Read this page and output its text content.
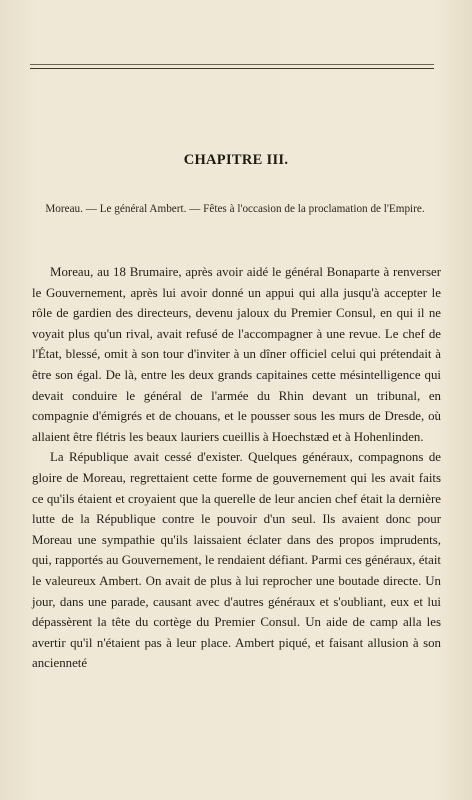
CHAPITRE III.

Moreau. — Le général Ambert. — Fêtes à l'occasion de la proclamation de l'Empire.

Moreau, au 18 Brumaire, après avoir aidé le général Bonaparte à renverser le Gouvernement, après lui avoir donné un appui qui alla jusqu'à accepter le rôle de gardien des directeurs, devenu jaloux du Premier Consul, en qui il ne voyait plus qu'un rival, avait refusé de l'accompagner à une revue. Le chef de l'État, blessé, omit à son tour d'inviter à un dîner officiel celui qui prétendait à être son égal. De là, entre les deux grands capitaines cette mésintelligence qui devait conduire le général de l'armée du Rhin devant un tribunal, en compagnie d'émigrés et de chouans, et le pousser sous les murs de Dresde, où allaient être flétris les beaux lauriers cueillis à Hoechstæd et à Hohenlinden.

La République avait cessé d'exister. Quelques généraux, compagnons de gloire de Moreau, regrettaient cette forme de gouvernement qui les avait faits ce qu'ils étaient et croyaient que la querelle de leur ancien chef était la dernière lutte de la République contre le pouvoir d'un seul. Ils avaient donc pour Moreau une sympathie qu'ils laissaient éclater dans des propos imprudents, qui, rapportés au Gouvernement, le rendaient défiant. Parmi ces généraux, était le valeureux Ambert. On avait de plus à lui reprocher une boutade directe. Un jour, dans une parade, causant avec d'autres généraux et s'oubliant, eux et lui dépassèrent la tête du cortège du Premier Consul. Un aide de camp alla les avertir qu'il n'étaient pas à leur place. Ambert piqué, et faisant allusion à son ancienneté
